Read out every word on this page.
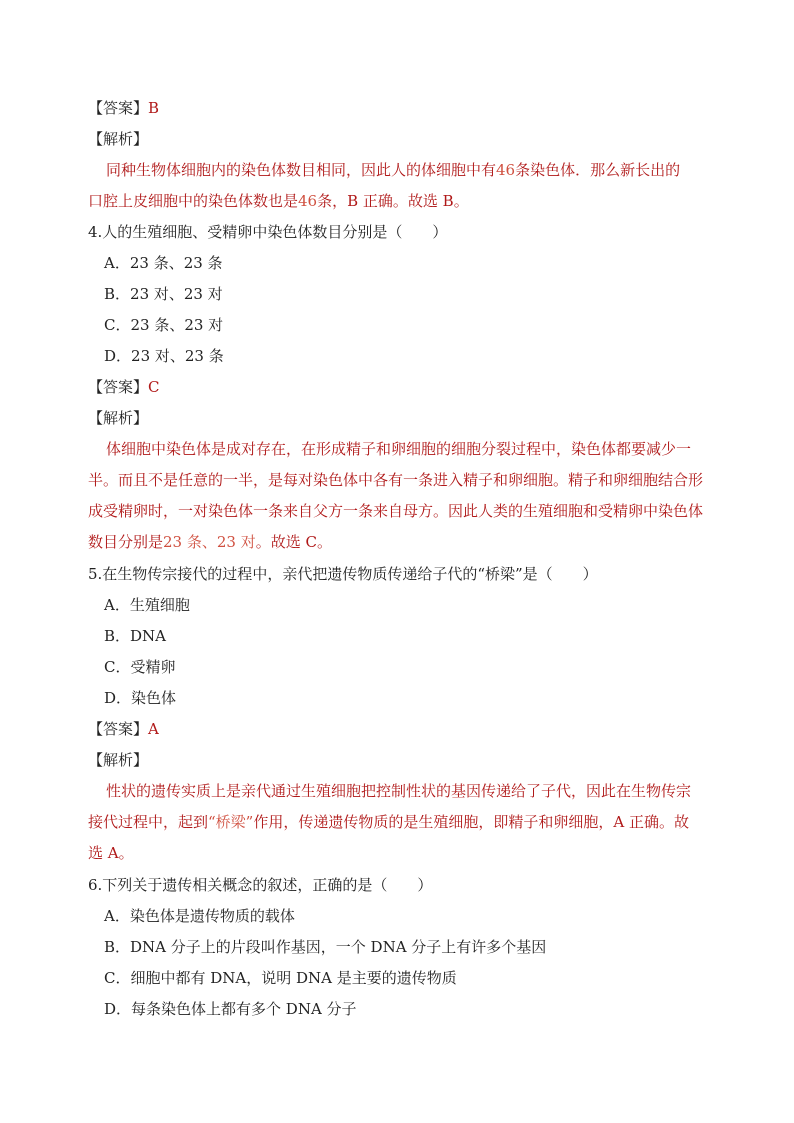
【答案】B
【解析】
同种生物体细胞内的染色体数目相同，因此人的体细胞中有46条染色体．那么新长出的
口腔上皮细胞中的染色体数也是46条，B 正确。故选 B。
4.人的生殖细胞、受精卵中染色体数目分别是（　　）
A．23 条、23 条
B．23 对、23 对
C．23 条、23 对
D．23 对、23 条
【答案】C
【解析】
体细胞中染色体是成对存在，在形成精子和卵细胞的细胞分裂过程中，染色体都要减少一
半。而且不是任意的一半，是每对染色体中各有一条进入精子和卵细胞。精子和卵细胞结合形
成受精卵时，一对染色体一条来自父方一条来自母方。因此人类的生殖细胞和受精卵中染色体
数目分别是23 条、23 对。故选 C。
5.在生物传宗接代的过程中，亲代把遗传物质传递给子代的“桥梁”是（　　）
A．生殖细胞
B．DNA
C．受精卵
D．染色体
【答案】A
【解析】
性状的遗传实质上是亲代通过生殖细胞把控制性状的基因传递给了子代，因此在生物传宗
接代过程中，起到“桥梁”作用，传递遗传物质的是生殖细胞，即精子和卵细胞，A 正确。故
选 A。
6.下列关于遗传相关概念的叙述，正确的是（　　）
A．染色体是遗传物质的载体
B．DNA 分子上的片段叫作基因，一个 DNA 分子上有许多个基因
C．细胞中都有 DNA，说明 DNA 是主要的遗传物质
D．每条染色体上都有多个 DNA 分子
